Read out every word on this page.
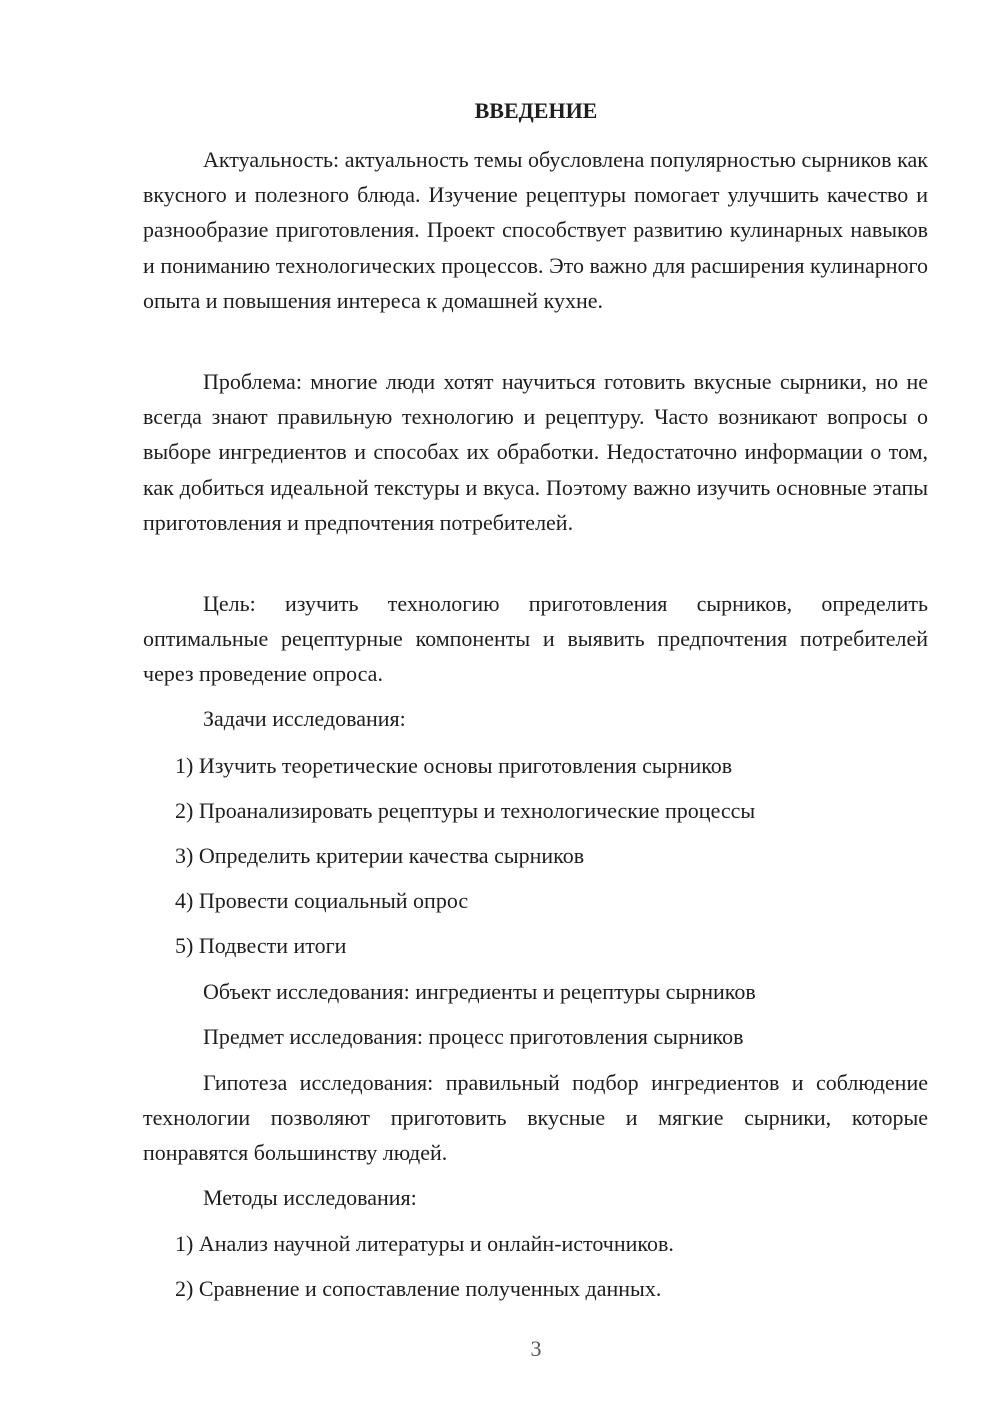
ВВЕДЕНИЕ
Актуальность: актуальность темы обусловлена популярностью сырников как вкусного и полезного блюда. Изучение рецептуры помогает улучшить качество и разнообразие приготовления. Проект способствует развитию кулинарных навыков и пониманию технологических процессов. Это важно для расширения кулинарного опыта и повышения интереса к домашней кухне.
Проблема: многие люди хотят научиться готовить вкусные сырники, но не всегда знают правильную технологию и рецептуру. Часто возникают вопросы о выборе ингредиентов и способах их обработки. Недостаточно информации о том, как добиться идеальной текстуры и вкуса. Поэтому важно изучить основные этапы приготовления и предпочтения потребителей.
Цель: изучить технологию приготовления сырников, определить оптимальные рецептурные компоненты и выявить предпочтения потребителей через проведение опроса.
Задачи исследования:
1) Изучить теоретические основы приготовления сырников
2) Проанализировать рецептуры и технологические процессы
3) Определить критерии качества сырников
4) Провести социальный опрос
5) Подвести итоги
Объект исследования: ингредиенты и рецептуры сырников
Предмет исследования: процесс приготовления сырников
Гипотеза исследования: правильный подбор ингредиентов и соблюдение технологии позволяют приготовить вкусные и мягкие сырники, которые понравятся большинству людей.
Методы исследования:
1) Анализ научной литературы и онлайн-источников.
2) Сравнение и сопоставление полученных данных.
3
